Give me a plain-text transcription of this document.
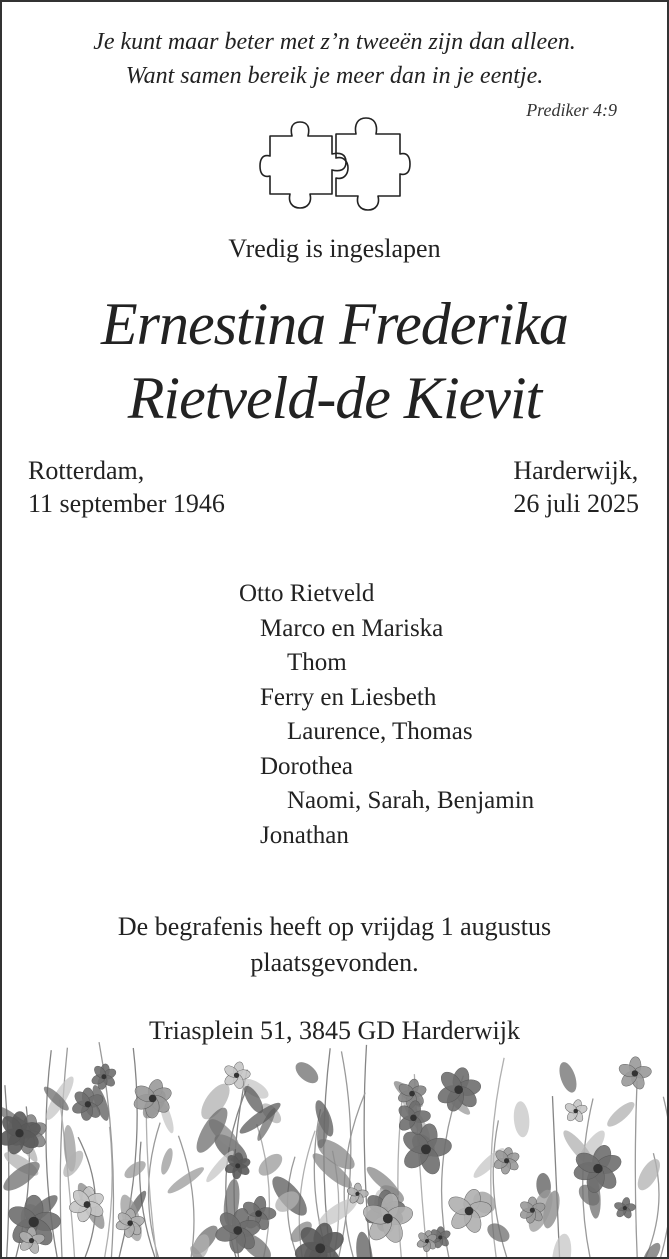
Je kunt maar beter met z’n tweeën zijn dan alleen.
Want samen bereik je meer dan in je eentje.
Prediker 4:9
Vredig is ingeslapen
Ernestina Frederika
Rietveld-de Kievit
Rotterdam,
11 september 1946
Harderwijk,
26 juli 2025
Otto Rietveld
Marco en Mariska
Thom
Ferry en Liesbeth
Laurence, Thomas
Dorothea
Naomi, Sarah, Benjamin
Jonathan
De begrafenis heeft op vrijdag 1 augustus
plaatsgevonden.
Triasplein 51, 3845 GD Harderwijk
